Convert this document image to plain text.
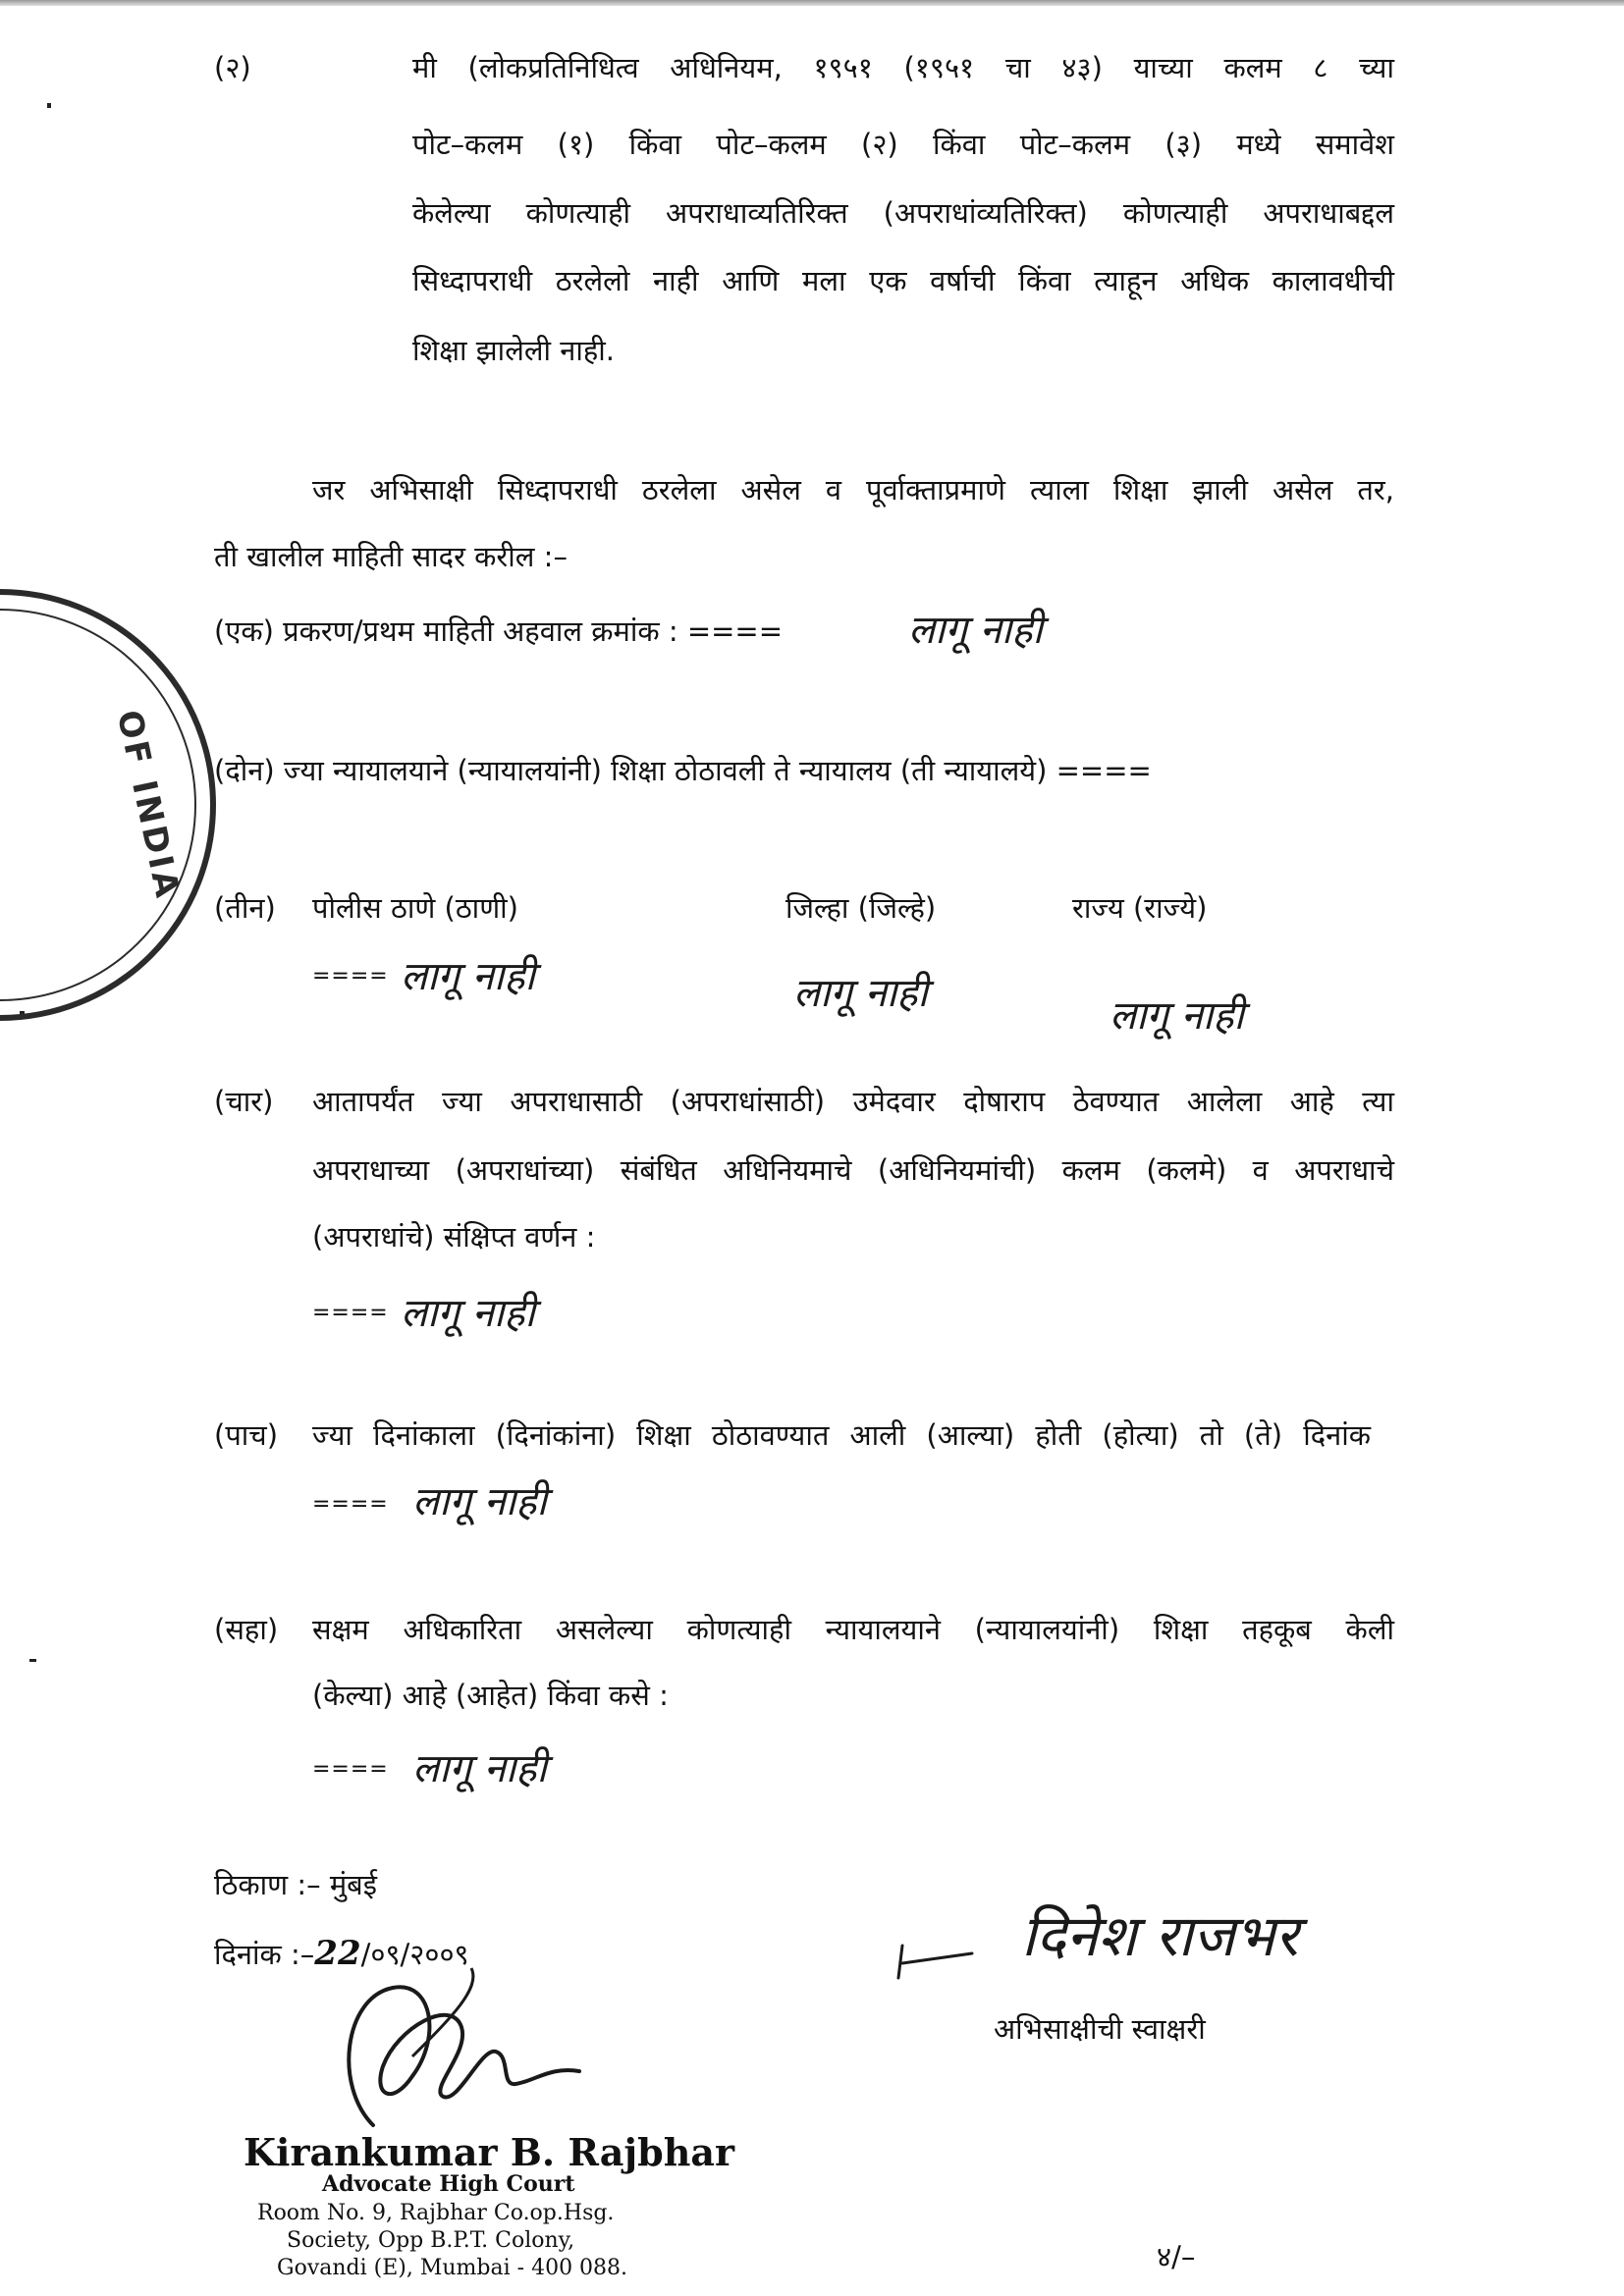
OF INDIA
(२)	मी (लोकप्रतिनिधित्व अधिनियम, १९५१ (१९५१ चा ४३) याच्या कलम ८ च्या
पोट–कलम (१) किंवा पोट–कलम (२) किंवा पोट–कलम (३) मध्ये समावेश
केलेल्या कोणत्याही अपराधाव्यतिरिक्त (अपराधांव्यतिरिक्त) कोणत्याही अपराधाबद्दल
सिध्दापराधी ठरलेलो नाही आणि मला एक वर्षाची किंवा त्याहून अधिक कालावधीची
शिक्षा झालेली नाही.
जर अभिसाक्षी सिध्दापराधी ठरलेला असेल व पूर्वाक्ताप्रमाणे त्याला शिक्षा झाली असेल तर,
ती खालील माहिती सादर करील :–
(एक) प्रकरण/प्रथम माहिती अहवाल क्रमांक : ====	लागू नाही
(दोन) ज्या न्यायालयाने (न्यायालयांनी) शिक्षा ठोठावली ते न्यायालय (ती न्यायालये) ====
(तीन) पोलीस ठाणे (ठाणी)	जिल्हा (जिल्हे)	राज्य (राज्ये)
==== लागू नाही	लागू नाही	लागू नाही
(चार) आतापर्यंत ज्या अपराधासाठी (अपराधांसाठी) उमेदवार दोषाराप ठेवण्यात आलेला आहे त्या
अपराधाच्या (अपराधांच्या) संबंधित अधिनियमाचे (अधिनियमांची) कलम (कलमे) व अपराधाचे
(अपराधांचे) संक्षिप्त वर्णन :
==== लागू नाही
(पाच) ज्या दिनांकाला (दिनांकांना) शिक्षा ठोठावण्यात आली (आल्या) होती (होत्या) तो (ते) दिनांक
==== लागू नाही
(सहा) सक्षम अधिकारिता असलेल्या कोणत्याही न्यायालयाने (न्यायालयांनी) शिक्षा तहकूब केली
(केल्या) आहे (आहेत) किंवा कसे :
==== लागू नाही
ठिकाण :– मुंबई
दिनांक :–22/०९/२००९	दिनेश राजभर
अभिसाक्षीची स्वाक्षरी
Kirankumar B. Rajbhar
Advocate High Court
Room No. 9, Rajbhar Co.op.Hsg.
Society, Opp B.P.T. Colony,
Govandi (E), Mumbai - 400 088.	४/–
